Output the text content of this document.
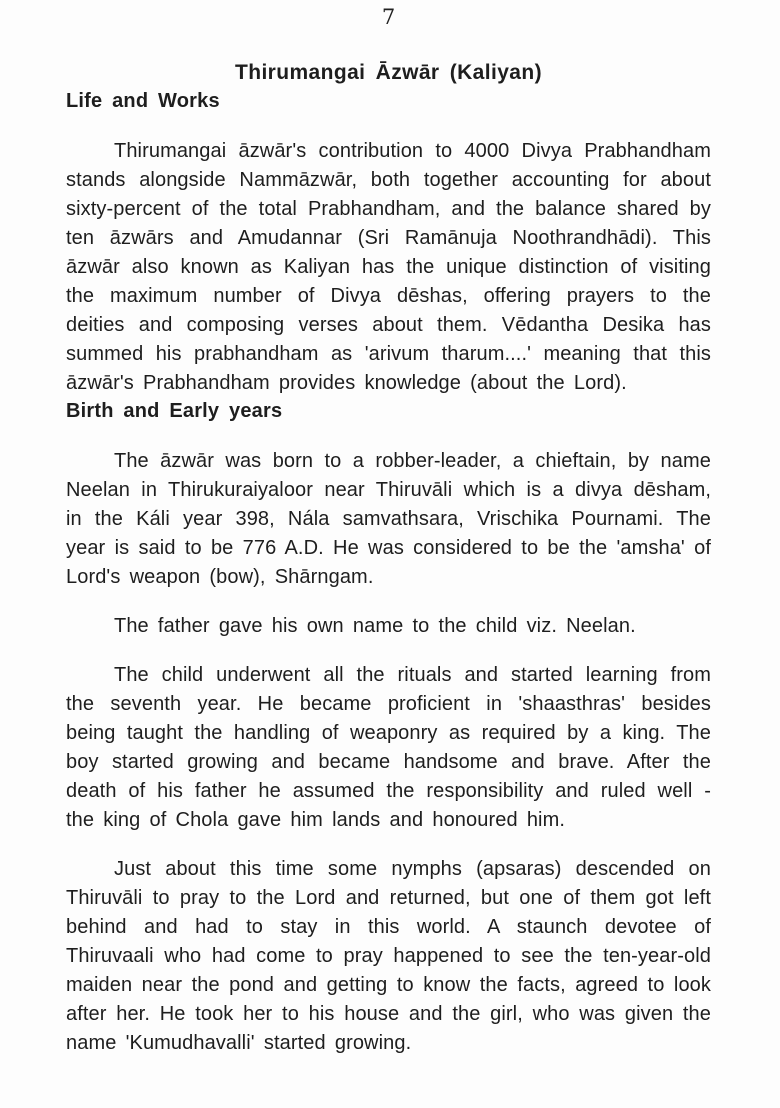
7
Thirumangai Āzwār (Kaliyan)
Life and Works

Thirumangai āzwār's contribution to 4000 Divya Prabhandham stands alongside Nammāzwār, both together accounting for about sixty-percent of the total Prabhandham, and the balance shared by ten āzwārs and Amudannar (Sri Ramānuja Noothrandhādi). This āzwār also known as Kaliyan has the unique distinction of visiting the maximum number of Divya dēshas, offering prayers to the deities and composing verses about them. Vēdantha Desika has summed his prabhandham as 'arivum tharum....' meaning that this āzwār's Prabhandham provides knowledge (about the Lord).

Birth and Early years

The āzwār was born to a robber-leader, a chieftain, by name Neelan in Thirukuraiyaloor near Thiruvāli which is a divya dēsham, in the Káli year 398, Nála samvathsara, Vrischika Pournami. The year is said to be 776 A.D. He was considered to be the 'amsha' of Lord's weapon (bow), Shārngam.

The father gave his own name to the child viz. Neelan.

The child underwent all the rituals and started learning from the seventh year. He became proficient in 'shaasthras' besides being taught the handling of weaponry as required by a king. The boy started growing and became handsome and brave. After the death of his father he assumed the responsibility and ruled well - the king of Chola gave him lands and honoured him.

Just about this time some nymphs (apsaras) descended on Thiruvāli to pray to the Lord and returned, but one of them got left behind and had to stay in this world. A staunch devotee of Thiruvaali who had come to pray happened to see the ten-year-old maiden near the pond and getting to know the facts, agreed to look after her. He took her to his house and the girl, who was given the name 'Kumudhavalli' started growing.
